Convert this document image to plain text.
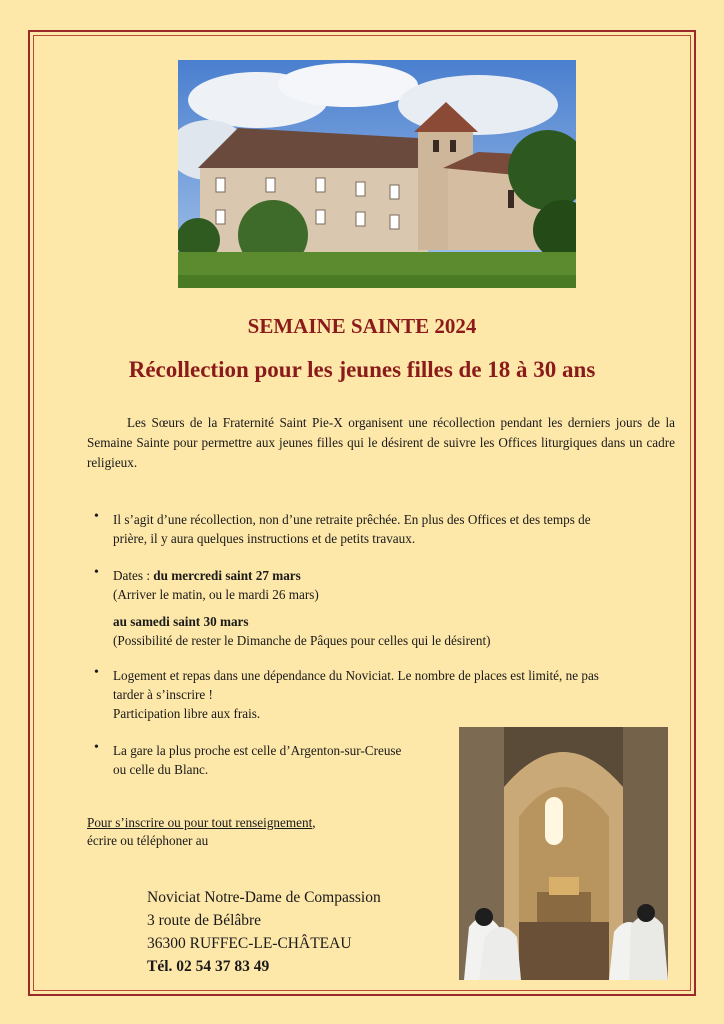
SEMAINE SAINTE 2024
Récollection pour les jeunes filles de 18 à 30 ans
Les Sœurs de la Fraternité Saint Pie-X organisent une récollection pendant les derniers jours de la Semaine Sainte pour permettre aux jeunes filles qui le désirent de suivre les Offices liturgiques dans un cadre religieux.
• Il s’agit d’une récollection, non d’une retraite prêchée. En plus des Offices et des temps de
prière, il y aura quelques instructions et de petits travaux.
• Dates : du mercredi saint 27 mars
(Arriver le matin, ou le mardi 26 mars)
au samedi saint 30 mars
(Possibilité de rester le Dimanche de Pâques pour celles qui le désirent)
• Logement et repas dans une dépendance du Noviciat. Le nombre de places est limité, ne pas
tarder à s’inscrire !
Participation libre aux frais.
• La gare la plus proche est celle d’Argenton-sur-Creuse
ou celle du Blanc.
Pour s’inscrire ou pour tout renseignement,
écrire ou téléphoner au
Noviciat Notre-Dame de Compassion
3 route de Bélâbre
36300 RUFFEC-LE-CHÂTEAU
Tél. 02 54 37 83 49
